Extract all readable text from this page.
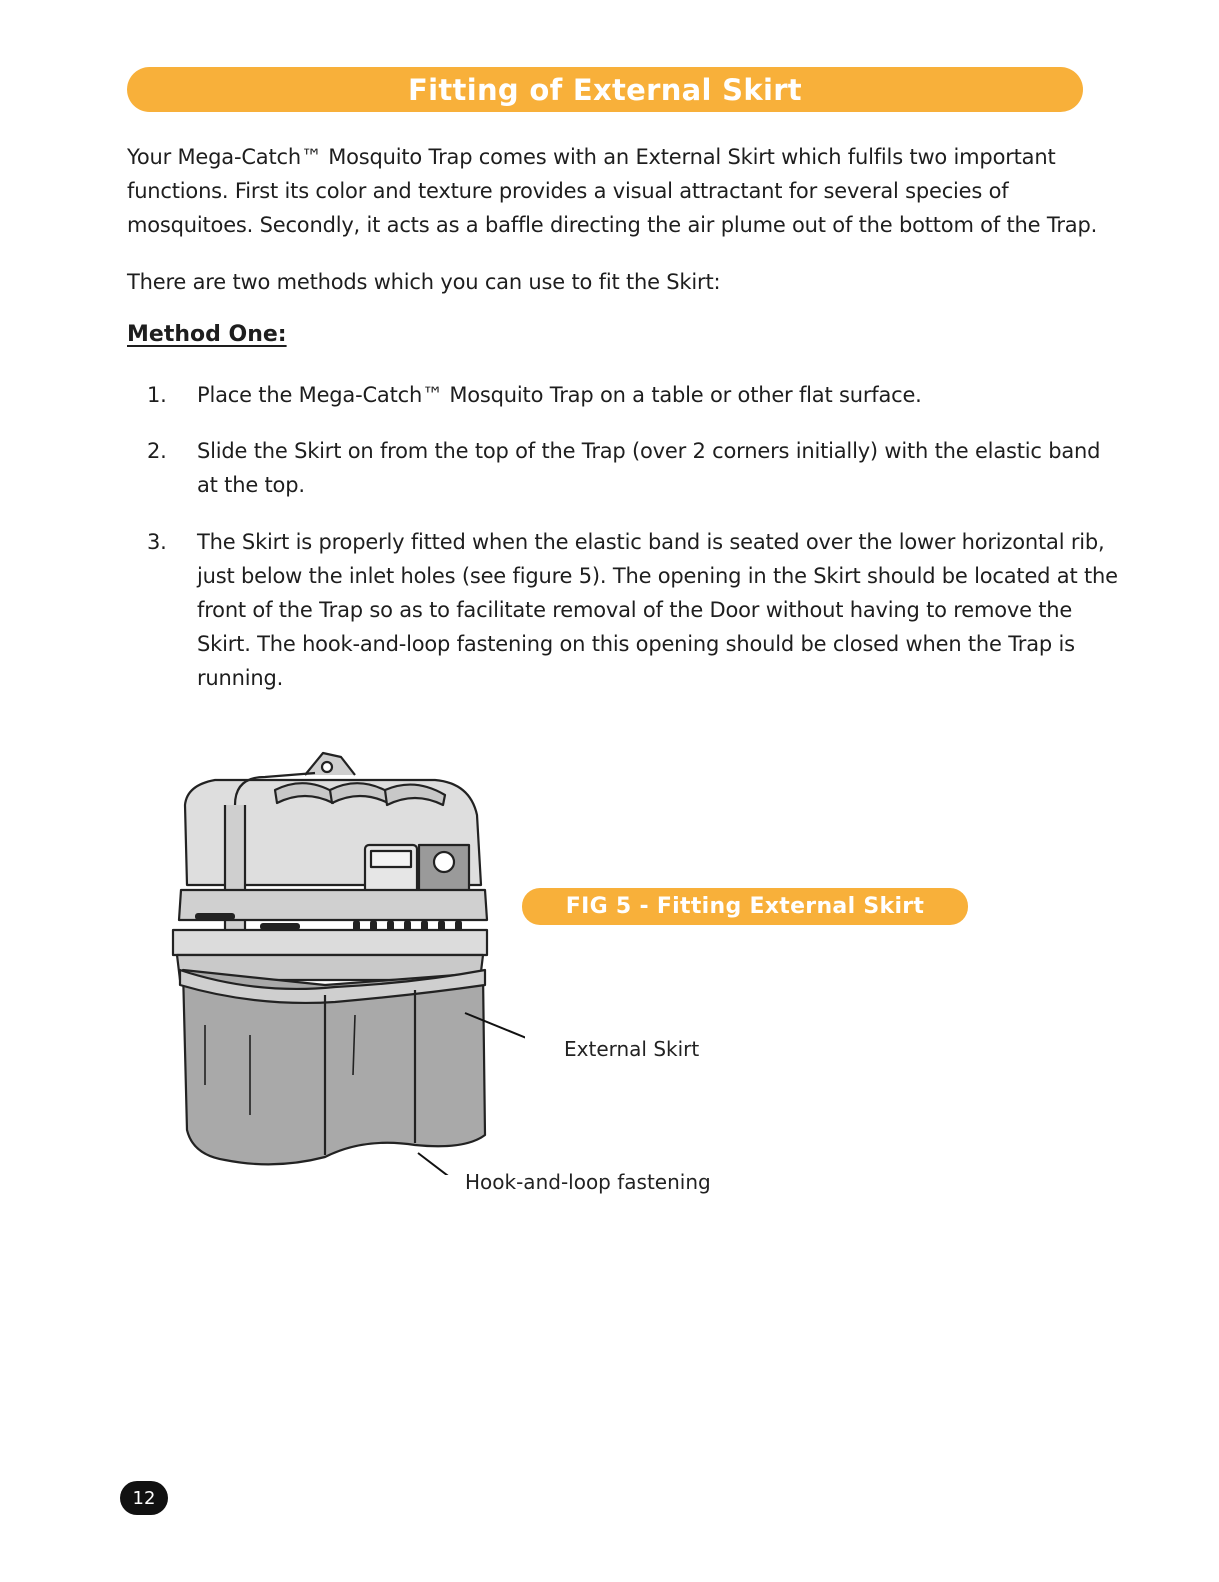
Fitting of External Skirt

Your Mega-Catch™ Mosquito Trap comes with an External Skirt which fulfils two important functions. First its color and texture provides a visual attractant for several species of mosquitoes. Secondly, it acts as a baffle directing the air plume out of the bottom of the Trap.

There are two methods which you can use to fit the Skirt:

Method One:

1. Place the Mega-Catch™ Mosquito Trap on a table or other flat surface.
2. Slide the Skirt on from the top of the Trap (over 2 corners initially) with the elastic band at the top.
3. The Skirt is properly fitted when the elastic band is seated over the lower horizontal rib, just below the inlet holes (see figure 5). The opening in the Skirt should be located at the front of the Trap so as to facilitate removal of the Door without having to remove the Skirt. The hook-and-loop fastening on this opening should be closed when the Trap is running.
FIG 5 - Fitting External Skirt
External Skirt
Hook-and-loop fastening
12
